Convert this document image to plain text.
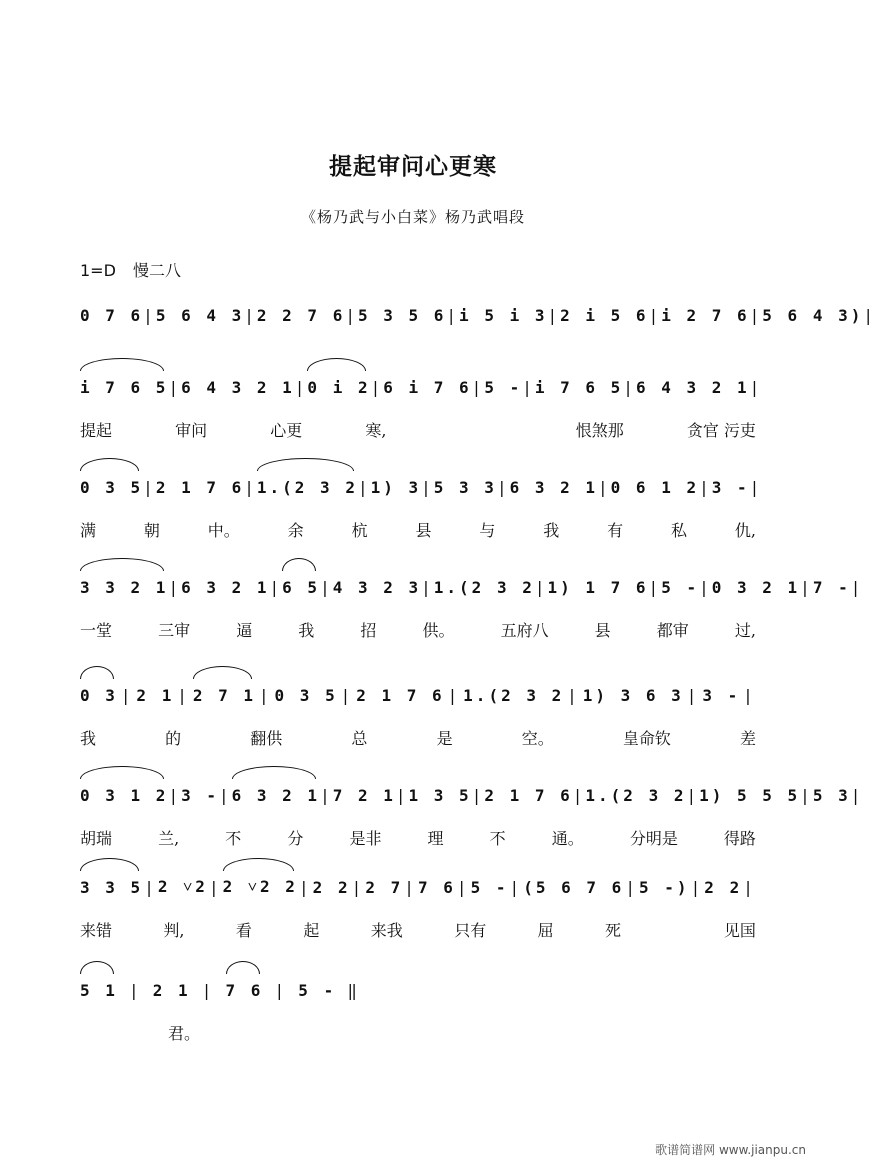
提起审问心更寒
《杨乃武与小白菜》杨乃武唱段
1=D 慢二八
0 7 6 | 5 6 4 3 | 2 2 7 6 | 5 3 5 6 | i 5 i 3 | 2 i 5 6 | i 2 7 6 | 5 6 4 3) |
i 7 6 5 | 6 4 3 2 1 | 0 i 2 | 6 i 7 6 | 5 - | i 7 6 5 | 6 4 3 2 1 |
提起	审问	心更	寒,	恨煞那	贪官 污吏
0 3 5 | 2 1 7 6 | 1.(2 3 2 | 1) 3 | 5 3 3 | 6 3 2 1 | 0 6 1 2 | 3 - |
满	朝	中。	余	杭	县	与	我	有	私	仇,
3 3 2 1 | 6 3 2 1 | 6 5 | 4 3 2 3 | 1.(2 3 2 | 1) 1 7 6 | 5 - | 0 3 2 1 | 7 - |
一堂	三审	逼	我	招	供。	五府八	县	都审	过,
0 3 | 2 1 | 2 7 1 | 0 3 5 | 2 1 7 6 | 1.(2 3 2 | 1) 3 6 3 | 3 - |
我	的	翻供	总	是	空。	皇命钦	差
0 3 1 2 | 3 - | 6 3 2 1 | 7 2 1 | 1 3 5 | 2 1 7 6 | 1.(2 3 2 | 1) 5 5 5 | 5 3 |
胡瑞	兰,	不	分	是非	理	不	通。	分明是	得路
3 3 5 | 2 ˅2 | 2 ˅2 2 | 2 2 | 2 7 | 7 6 | 5 - | (5 6 7 6 | 5 -) | 2 2 |
来错	判,	看	起	来我	只有	屈	死	见国
5 1 | 2 1 | 7 6 | 5 - ‖
君。
歌谱简谱网 www.jianpu.cn
